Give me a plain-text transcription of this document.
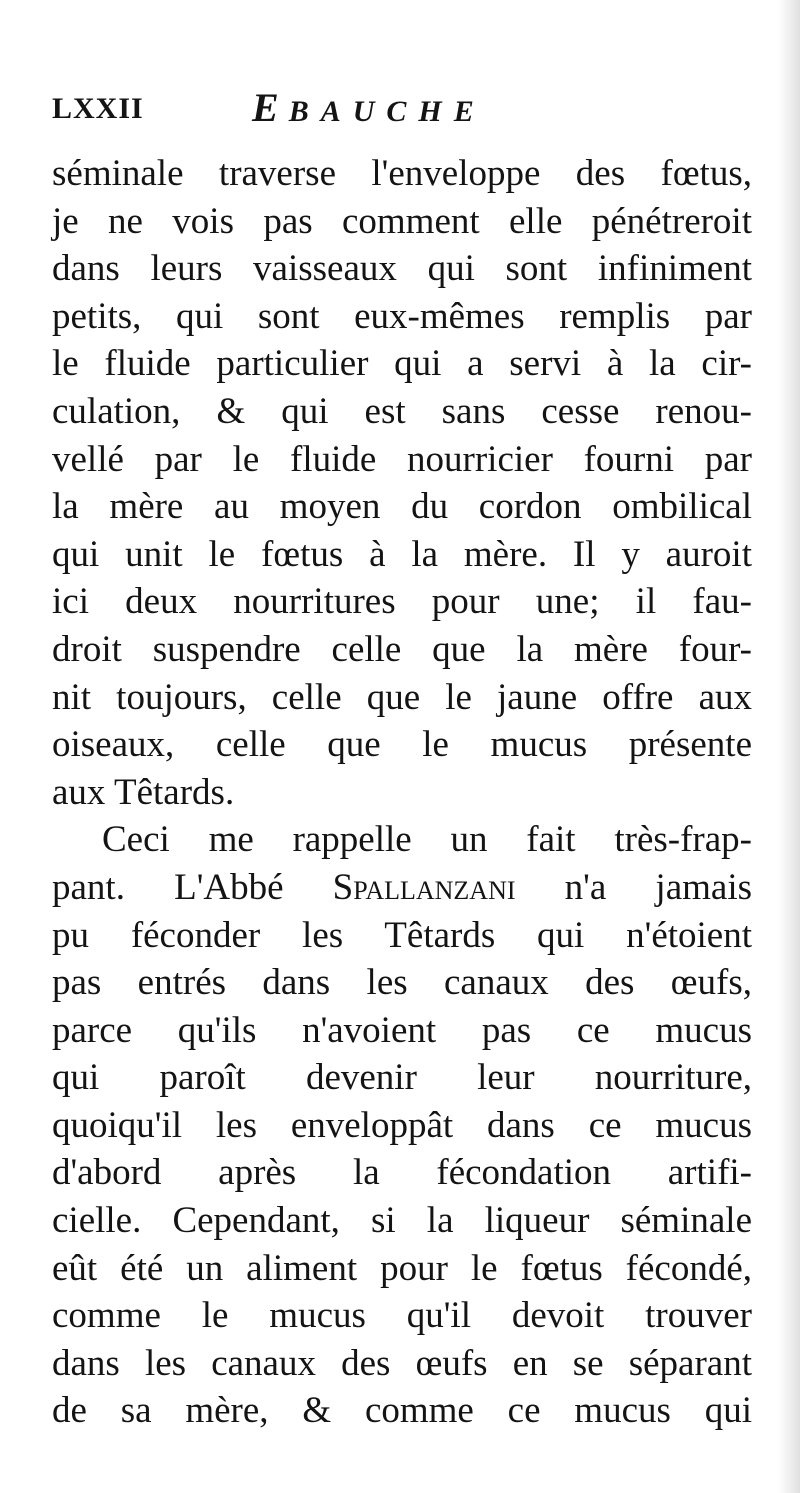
LXXII	EBAUCHE
séminale traverse l'enveloppe des fœtus,
je ne vois pas comment elle pénétreroit
dans leurs vaisseaux qui sont infiniment
petits, qui sont eux-mêmes remplis par
le fluide particulier qui a servi à la cir-
culation, & qui est sans cesse renou-
vellé par le fluide nourricier fourni par
la mère au moyen du cordon ombilical
qui unit le fœtus à la mère. Il y auroit
ici deux nourritures pour une; il fau-
droit suspendre celle que la mère four-
nit toujours, celle que le jaune offre aux
oiseaux, celle que le mucus présente
aux Têtards.
Ceci me rappelle un fait très-frap-
pant. L'Abbé Spallanzani n'a jamais
pu féconder les Têtards qui n'étoient
pas entrés dans les canaux des œufs,
parce qu'ils n'avoient pas ce mucus
qui paroît devenir leur nourriture,
quoiqu'il les enveloppât dans ce mucus
d'abord après la fécondation artifi-
cielle. Cependant, si la liqueur séminale
eût été un aliment pour le fœtus fécondé,
comme le mucus qu'il devoit trouver
dans les canaux des œufs en se séparant
de sa mère, & comme ce mucus qui
